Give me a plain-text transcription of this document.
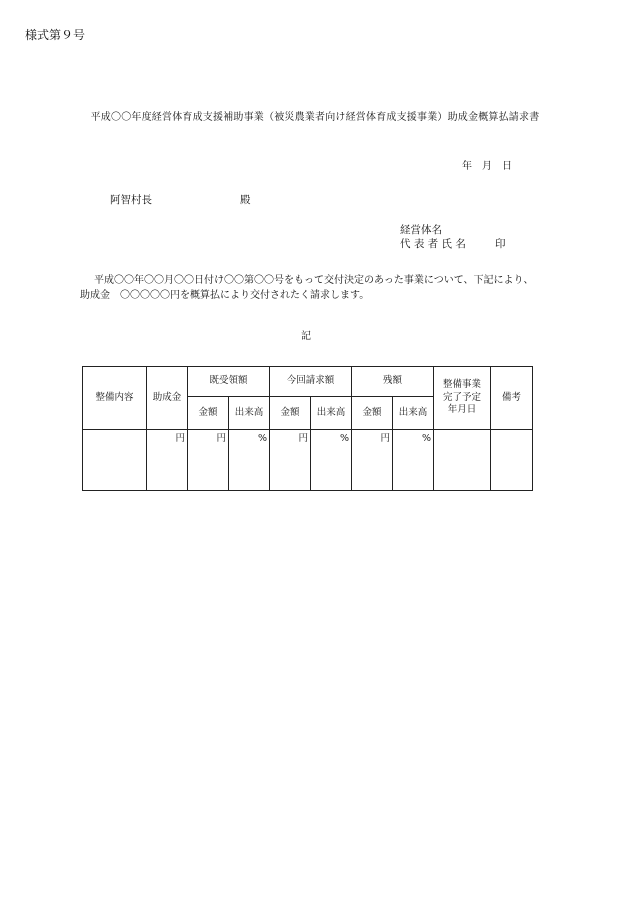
様式第９号
平成〇〇年度経営体育成支援補助事業（被災農業者向け経営体育成支援事業）助成金概算払請求書
年　月　日
阿智村長	殿
経営体名
代 表 者 氏 名	印
平成〇〇年〇〇月〇〇日付け〇〇第〇〇号をもって交付決定のあった事業について、下記により、
助成金　〇〇〇〇〇円を概算払により交付されたく請求します。
記
整備内容	助成金	既受領額		今回請求額		残額		整備事業
完了予定
年月日	備考
		金額	出来高	金額	出来高	金額	出来高		
	円	円	%	円	%	円	%		
